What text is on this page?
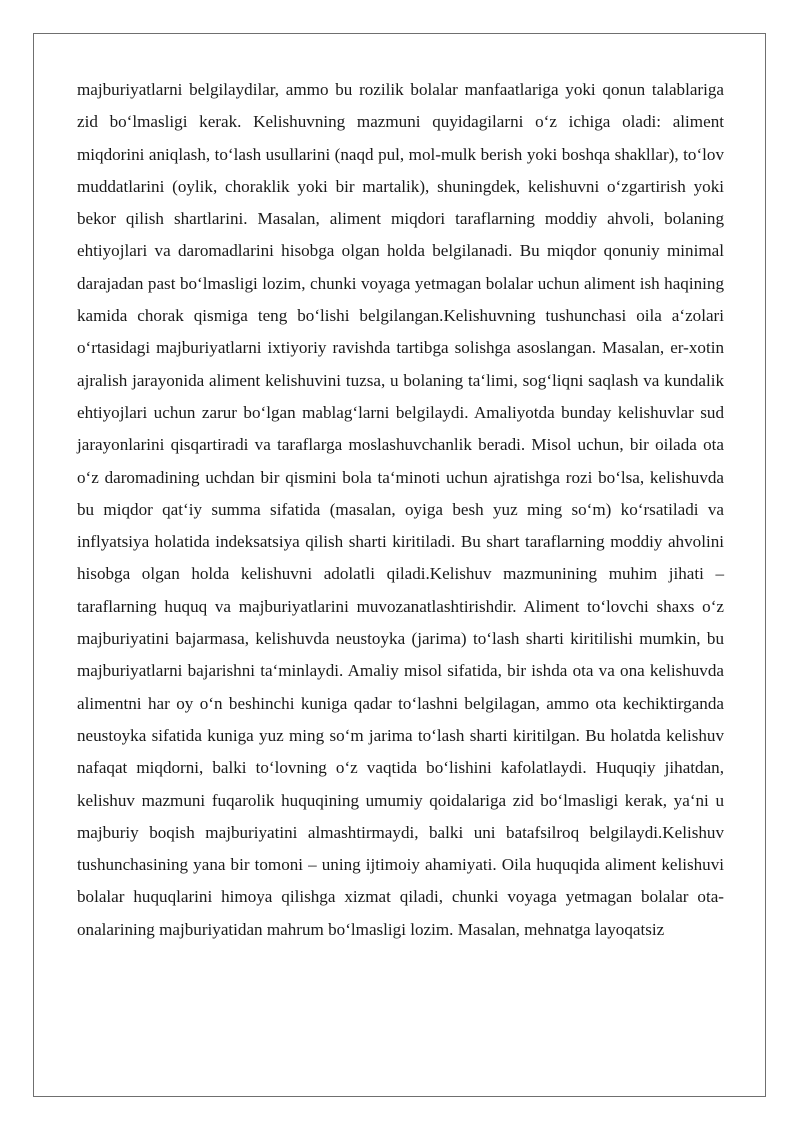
majburiyatlarni belgilaydilar, ammo bu rozilik bolalar manfaatlariga yoki qonun talablariga zid bo‘lmasligi kerak. Kelishuvning mazmuni quyidagilarni o‘z ichiga oladi: aliment miqdorini aniqlash, to‘lash usullarini (naqd pul, mol-mulk berish yoki boshqa shakllar), to‘lov muddatlarini (oylik, choraklik yoki bir martalik), shuningdek, kelishuvni o‘zgartirish yoki bekor qilish shartlarini. Masalan, aliment miqdori taraflarning moddiy ahvoli, bolaning ehtiyojlari va daromadlarini hisobga olgan holda belgilanadi. Bu miqdor qonuniy minimal darajadan past bo‘lmasligi lozim, chunki voyaga yetmagan bolalar uchun aliment ish haqining kamida chorak qismiga teng bo‘lishi belgilangan.Kelishuvning tushunchasi oila a‘zolari o‘rtasidagi majburiyatlarni ixtiyoriy ravishda tartibga solishga asoslangan. Masalan, er-xotin ajralish jarayonida aliment kelishuvini tuzsa, u bolaning ta‘limi, sog‘liqni saqlash va kundalik ehtiyojlari uchun zarur bo‘lgan mablag‘larni belgilaydi. Amaliyotda bunday kelishuvlar sud jarayonlarini qisqartiradi va taraflarga moslashuvchanlik beradi. Misol uchun, bir oilada ota o‘z daromadining uchdan bir qismini bola ta‘minoti uchun ajratishga rozi bo‘lsa, kelishuvda bu miqdor qat‘iy summa sifatida (masalan, oyiga besh yuz ming so‘m) ko‘rsatiladi va inflyatsiya holatida indeksatsiya qilish sharti kiritiladi. Bu shart taraflarning moddiy ahvolini hisobga olgan holda kelishuvni adolatli qiladi.Kelishuv mazmunining muhim jihati – taraflarning huquq va majburiyatlarini muvozanatlashtirishdir. Aliment to‘lovchi shaxs o‘z majburiyatini bajarmasa, kelishuvda neustoyka (jarima) to‘lash sharti kiritilishi mumkin, bu majburiyatlarni bajarishni ta‘minlaydi. Amaliy misol sifatida, bir ishda ota va ona kelishuvda alimentni har oy o‘n beshinchi kuniga qadar to‘lashni belgilagan, ammo ota kechiktirganda neustoyka sifatida kuniga yuz ming so‘m jarima to‘lash sharti kiritilgan. Bu holatda kelishuv nafaqat miqdorni, balki to‘lovning o‘z vaqtida bo‘lishini kafolatlaydi. Huquqiy jihatdan, kelishuv mazmuni fuqarolik huquqining umumiy qoidalariga zid bo‘lmasligi kerak, ya‘ni u majburiy boqish majburiyatini almashtirmaydi, balki uni batafsilroq belgilaydi.Kelishuv tushunchasining yana bir tomoni – uning ijtimoiy ahamiyati. Oila huquqida aliment kelishuvi bolalar huquqlarini himoya qilishga xizmat qiladi, chunki voyaga yetmagan bolalar ota-onalarining majburiyatidan mahrum bo‘lmasligi lozim. Masalan, mehnatga layoqatsiz
